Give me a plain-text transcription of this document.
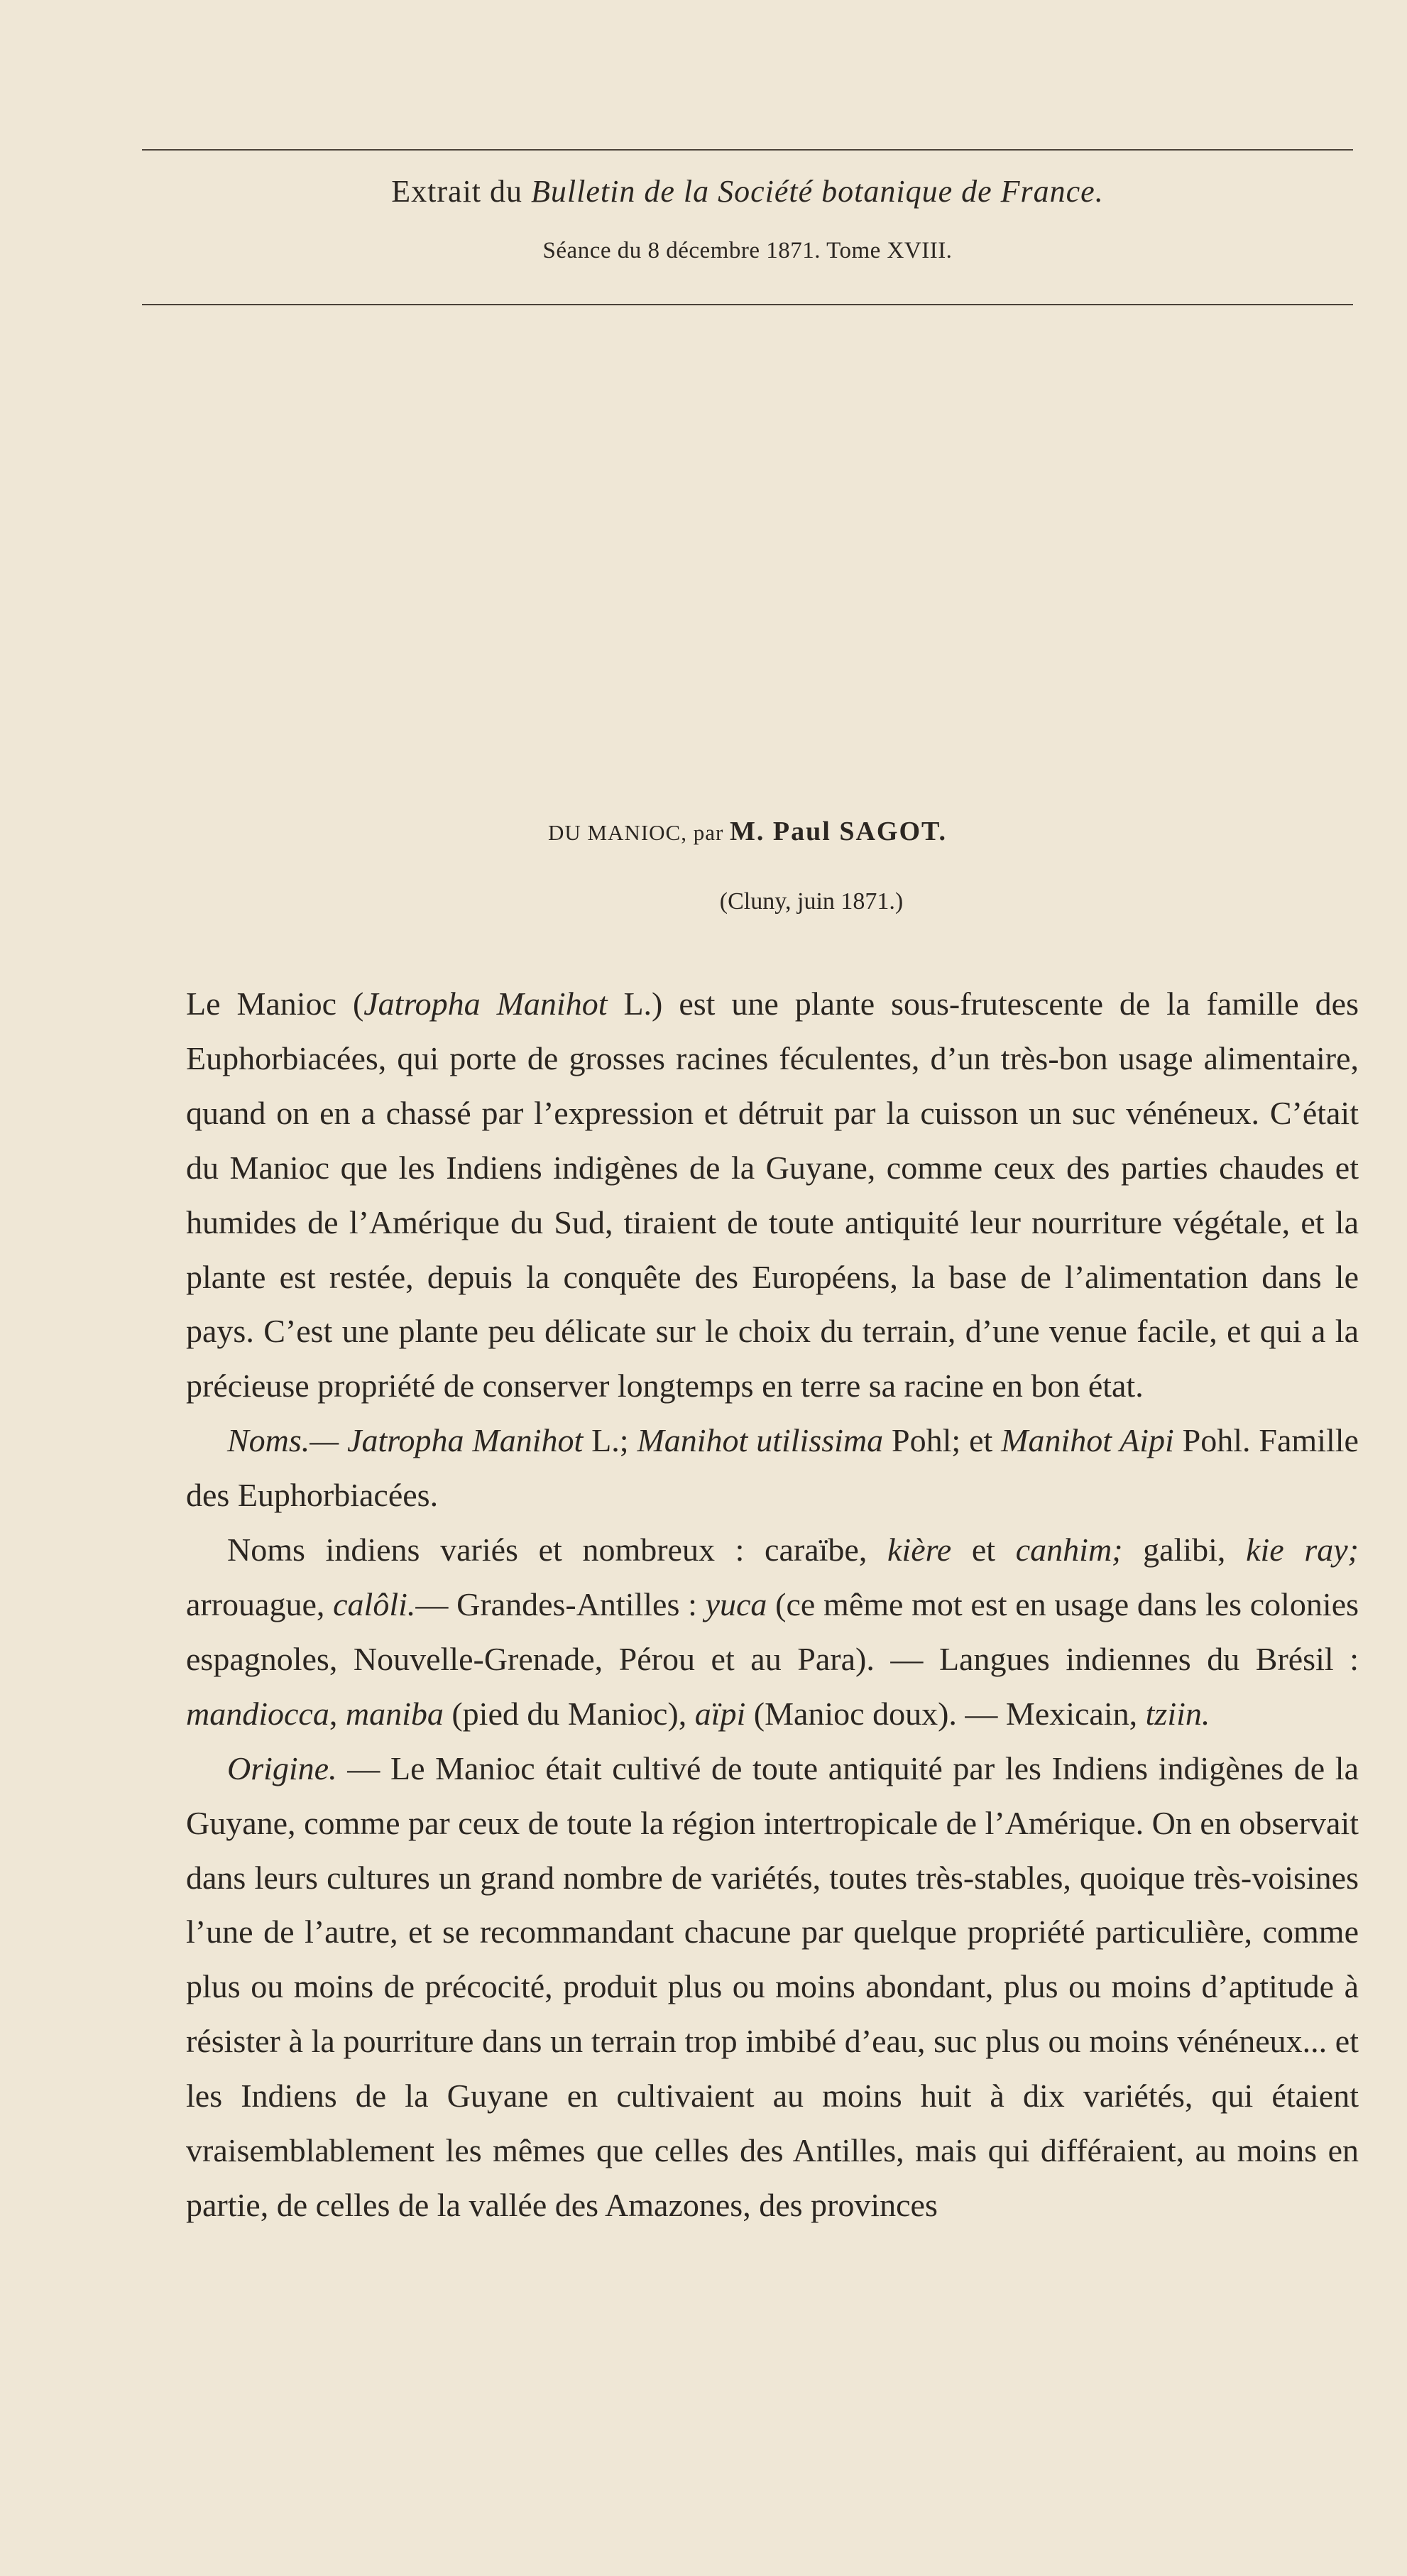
Extrait du Bulletin de la Société botanique de France.
Séance du 8 décembre 1871. Tome XVIII.
DU MANIOC, par M. Paul SAGOT.
(Cluny, juin 1871.)

Le Manioc (Jatropha Manihot L.) est une plante sous-frutescente de la famille des Euphorbiacées, qui porte de grosses racines féculentes, d’un très-bon usage alimentaire, quand on en a chassé par l’expression et détruit par la cuisson un suc vénéneux. C’était du Manioc que les Indiens indigènes de la Guyane, comme ceux des parties chaudes et humides de l’Amérique du Sud, tiraient de toute antiquité leur nourriture végétale, et la plante est restée, depuis la conquête des Européens, la base de l’alimentation dans le pays. C’est une plante peu délicate sur le choix du terrain, d’une venue facile, et qui a la précieuse propriété de conserver longtemps en terre sa racine en bon état.

Noms.— Jatropha Manihot L.; Manihot utilissima Pohl; et Manihot Aipi Pohl. Famille des Euphorbiacées.

Noms indiens variés et nombreux : caraïbe, kière et canhim; galibi, kie ray; arrouague, calôli.— Grandes-Antilles : yuca (ce même mot est en usage dans les colonies espagnoles, Nouvelle-Grenade, Pérou et au Para). — Langues indiennes du Brésil : mandiocca, maniba (pied du Manioc), aïpi (Manioc doux). — Mexicain, tziin.

Origine. — Le Manioc était cultivé de toute antiquité par les Indiens indigènes de la Guyane, comme par ceux de toute la région intertropicale de l’Amérique. On en observait dans leurs cultures un grand nombre de variétés, toutes très-stables, quoique très-voisines l’une de l’autre, et se recommandant chacune par quelque propriété particulière, comme plus ou moins de précocité, produit plus ou moins abondant, plus ou moins d’aptitude à résister à la pourriture dans un terrain trop imbibé d’eau, suc plus ou moins vénéneux... et les Indiens de la Guyane en cultivaient au moins huit à dix variétés, qui étaient vraisemblablement les mêmes que celles des Antilles, mais qui différaient, au moins en partie, de celles de la vallée des Amazones, des provinces
